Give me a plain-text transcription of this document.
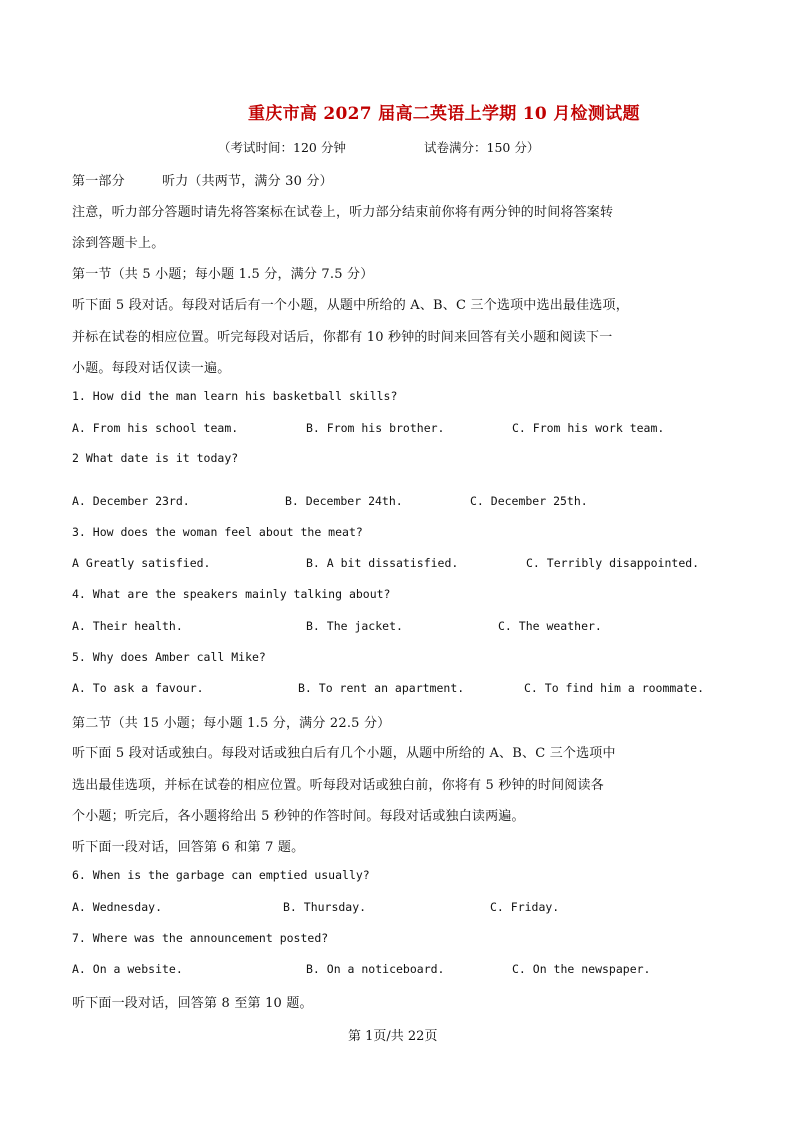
重庆市高 2027 届高二英语上学期 10 月检测试题
（考试时间：120 分钟	试卷满分：150 分）
第一部分	听力（共两节，满分 30 分）
注意，听力部分答题时请先将答案标在试卷上，听力部分结束前你将有两分钟的时间将答案转
涂到答题卡上。
第一节（共 5 小题；每小题 1.5 分，满分 7.5 分）
听下面 5 段对话。每段对话后有一个小题，从题中所给的 A、B、C 三个选项中选出最佳选项，
并标在试卷的相应位置。听完每段对话后，你都有 10 秒钟的时间来回答有关小题和阅读下一
小题。每段对话仅读一遍。
1. How did the man learn his basketball skills?
A. From his school team.	B. From his brother.	C. From his work team.
2 What date is it today?
A. December 23rd.	B. December 24th.	C. December 25th.
3. How does the woman feel about the meat?
A Greatly satisfied.	B. A bit dissatisfied.	C. Terribly disappointed.
4. What are the speakers mainly talking about?
A. Their health.	B. The jacket.	C. The weather.
5. Why does Amber call Mike?
A. To ask a favour.	B. To rent an apartment.	C. To find him a roommate.
第二节（共 15 小题；每小题 1.5 分，满分 22.5 分）
听下面 5 段对话或独白。每段对话或独白后有几个小题，从题中所给的 A、B、C 三个选项中
选出最佳选项，并标在试卷的相应位置。听每段对话或独白前，你将有 5 秒钟的时间阅读各
个小题；听完后，各小题将给出 5 秒钟的作答时间。每段对话或独白读两遍。
听下面一段对话，回答第 6 和第 7 题。
6. When is the garbage can emptied usually?
A. Wednesday.	B. Thursday.	C. Friday.
7. Where was the announcement posted?
A. On a website.	B. On a noticeboard.	C. On the newspaper.
听下面一段对话，回答第 8 至第 10 题。
第 1页/共 22页
